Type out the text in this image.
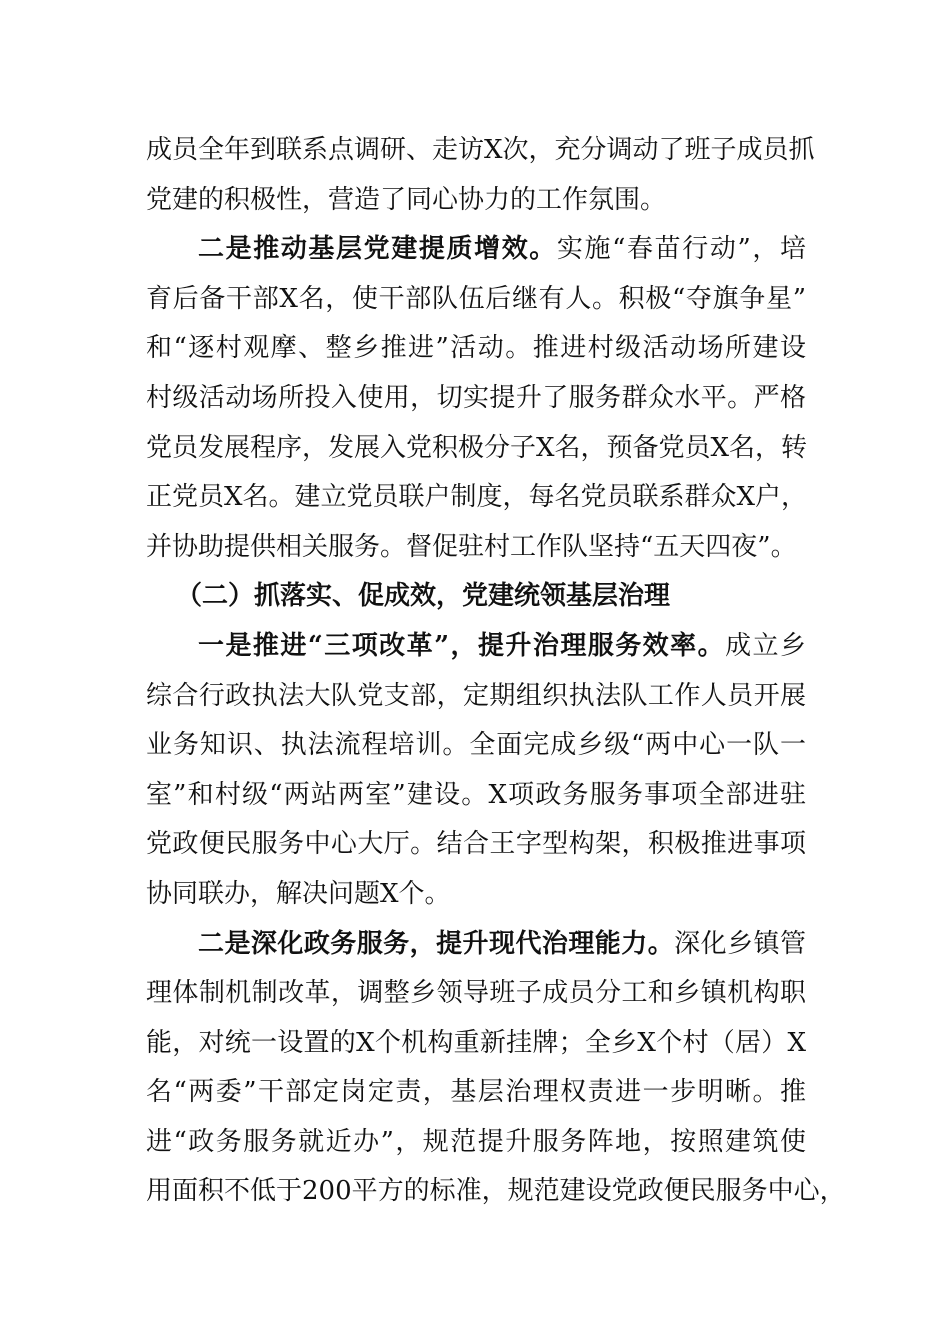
成员全年到联系点调研、走访X次，充分调动了班子成员抓
党建的积极性，营造了同心协力的工作氛围。
二是推动基层党建提质增效。实施“春苗行动”，培
育后备干部X名，使干部队伍后继有人。积极“夺旗争星”
和“逐村观摩、整乡推进”活动。推进村级活动场所建设
村级活动场所投入使用，切实提升了服务群众水平。严格
党员发展程序，发展入党积极分子X名，预备党员X名，转
正党员X名。建立党员联户制度，每名党员联系群众X户，
并协助提供相关服务。督促驻村工作队坚持“五天四夜”。
（二）抓落实、促成效，党建统领基层治理
一是推进“三项改革”，提升治理服务效率。成立乡
综合行政执法大队党支部，定期组织执法队工作人员开展
业务知识、执法流程培训。全面完成乡级“两中心一队一
室”和村级“两站两室”建设。X项政务服务事项全部进驻
党政便民服务中心大厅。结合王字型构架，积极推进事项
协同联办，解决问题X个。
二是深化政务服务，提升现代治理能力。深化乡镇管
理体制机制改革，调整乡领导班子成员分工和乡镇机构职
能，对统一设置的X个机构重新挂牌；全乡X个村（居）X
名“两委”干部定岗定责，基层治理权责进一步明晰。推
进“政务服务就近办”，规范提升服务阵地，按照建筑使
用面积不低于200平方的标准，规范建设党政便民服务中心，
